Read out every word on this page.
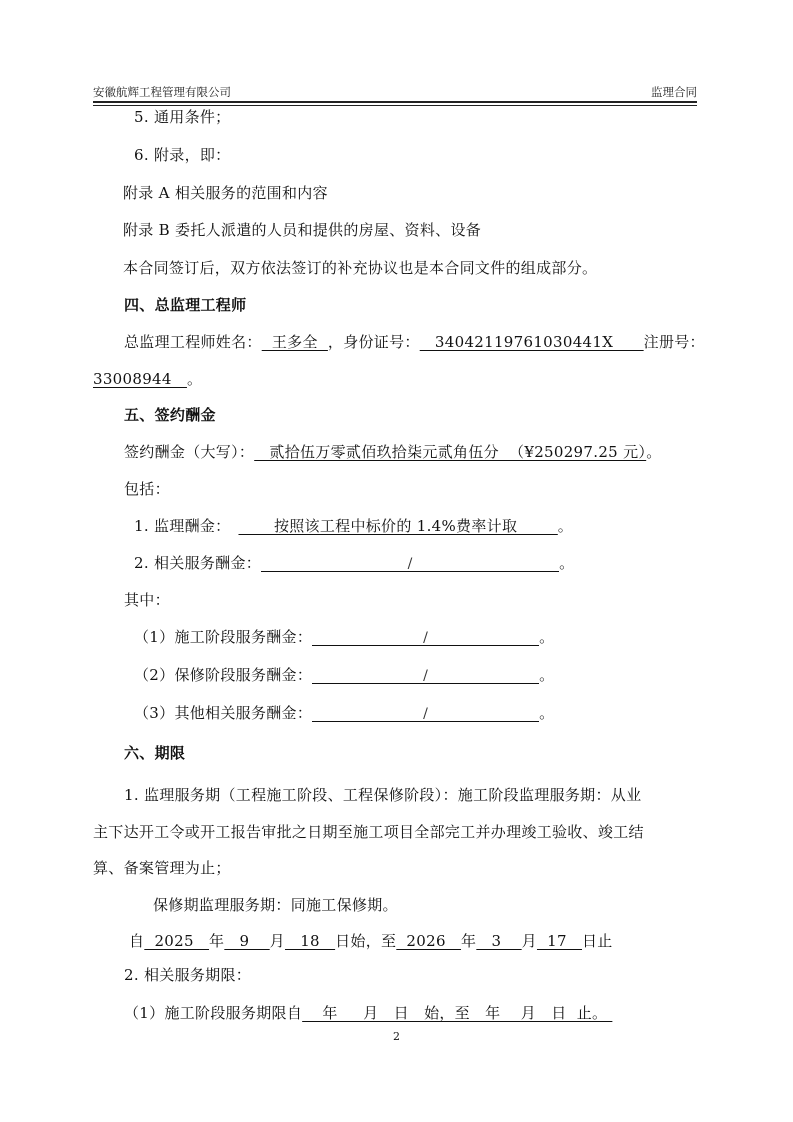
安徽航辉工程管理有限公司	监理合同
5. 通用条件；
6. 附录，即：
附录 A 相关服务的范围和内容
附录 B 委托人派遣的人员和提供的房屋、资料、设备
本合同签订后，双方依法签订的补充协议也是本合同文件的组成部分。
四、总监理工程师
总监理工程师姓名：  王多全  ，身份证号：   34042119761030441X      注册号：
33008944   。
五、签约酬金
签约酬金（大写）：   贰拾伍万零贰佰玖拾柒元贰角伍分  （¥250297.25 元）。
包括：
1. 监理酬金：       按照该工程中标价的 1.4%费率计取        。
2. 相关服务酬金：	/	。
其中：
（1）施工阶段服务酬金：	/	。
（2）保修阶段服务酬金：	/	。
（3）其他相关服务酬金：	/	。
六、期限
1. 监理服务期（工程施工阶段、工程保修阶段）：施工阶段监理服务期：从业
主下达开工令或开工报告审批之日期至施工项目全部完工并办理竣工验收、竣工结
算、备案管理为止；
保修期监理服务期：同施工保修期。
自  2025   年   9    月   18   日始，至  2026   年   3    月  17   日止
2. 相关服务期限：
（1）施工阶段服务期限自    年     月   日   始，至   年    月   日  止。
2
